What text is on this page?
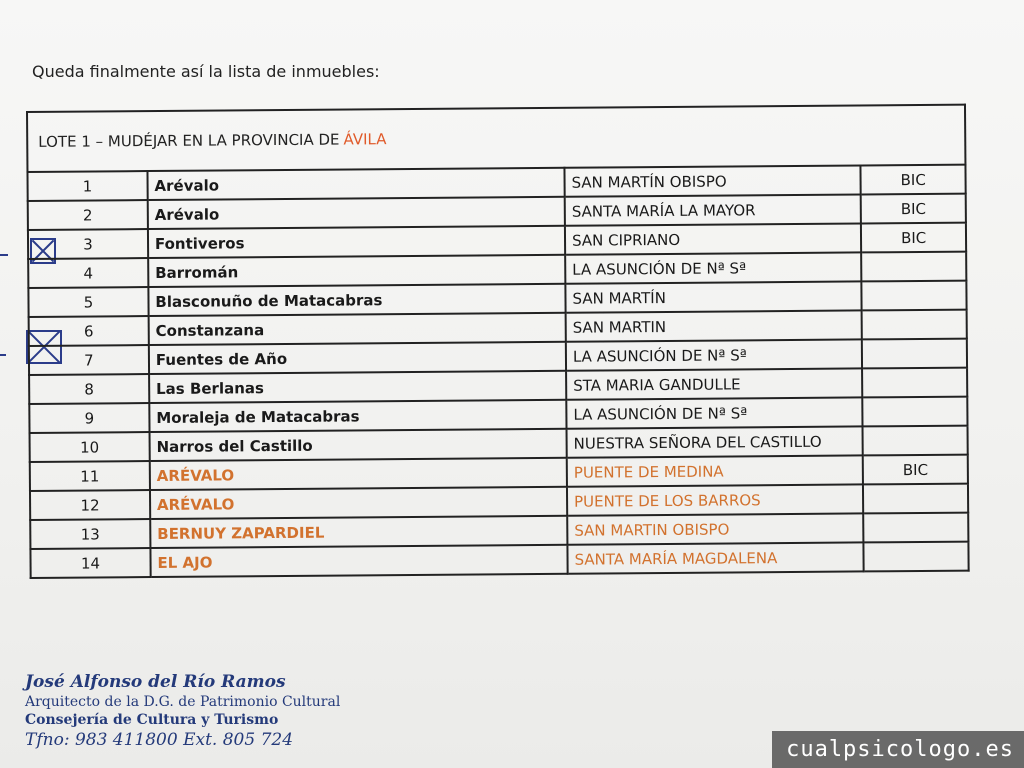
Queda finalmente así la lista de inmuebles:
LOTE 1 – MUDÉJAR EN LA PROVINCIA DE ÁVILA
1	Arévalo	SAN MARTÍN OBISPO	BIC
2	Arévalo	SANTA MARÍA LA MAYOR	BIC
3	Fontiveros	SAN CIPRIANO	BIC
4	Barromán	LA ASUNCIÓN DE Nª Sª	
5	Blasconuño de Matacabras	SAN MARTÍN	
6	Constanzana	SAN MARTIN	
7	Fuentes de Año	LA ASUNCIÓN DE Nª Sª	
8	Las Berlanas	STA MARIA GANDULLE	
9	Moraleja de Matacabras	LA ASUNCIÓN DE Nª Sª	
10	Narros del Castillo	NUESTRA SEÑORA DEL CASTILLO	
11	ARÉVALO	PUENTE DE MEDINA	BIC
12	ARÉVALO	PUENTE DE LOS BARROS	
13	BERNUY ZAPARDIEL	SAN MARTIN OBISPO	
14	EL AJO	SANTA MARÍA MAGDALENA	
José Alfonso del Río Ramos
Arquitecto de la D.G. de Patrimonio Cultural
Consejería de Cultura y Turismo
Tfno: 983 411800 Ext. 805 724	cualpsicologo.es
